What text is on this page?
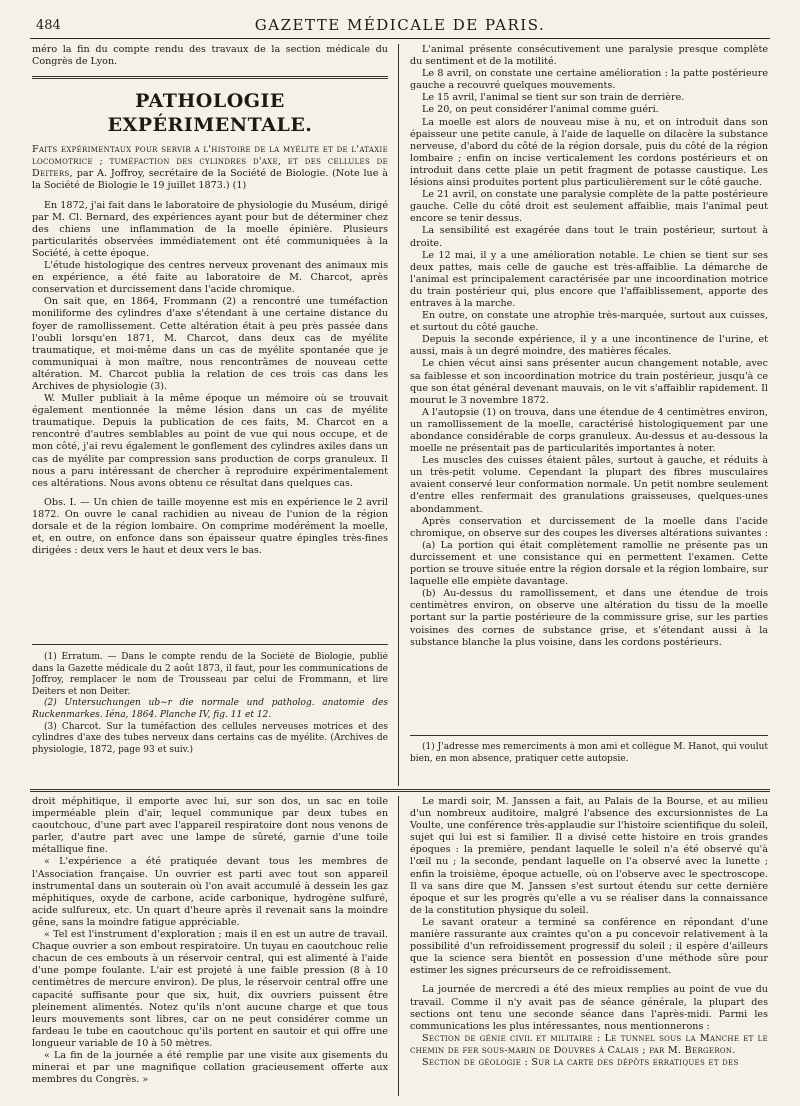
484	GAZETTE MÉDICALE DE PARIS.

méro la fin du compte rendu des travaux de la section médicale du Congrès de Lyon.

PATHOLOGIE EXPÉRIMENTALE.

Faits expérimentaux pour servir a l'histoire de la myélite et de l'ataxie locomotrice ; tuméfaction des cylindres d'axe, et des cellules de Deiters, par A. Joffroy, secrétaire de la Société de Biologie. (Note lue à la Société de Biologie le 19 juillet 1873.) (1)

En 1872, j'ai fait dans le laboratoire de physiologie du Muséum, dirigé par M. Cl. Bernard, des expériences ayant pour but de déterminer chez des chiens une inflammation de la moelle épinière. Plusieurs particularités observées immédiatement ont été communiquées à la Société, à cette époque.

L'étude histologique des centres nerveux provenant des animaux mis en expérience, a été faite au laboratoire de M. Charcot, après conservation et durcissement dans l'acide chromique.

On sait que, en 1864, Frommann (2) a rencontré une tuméfaction moniliforme des cylindres d'axe s'étendant à une certaine distance du foyer de ramollissement. Cette altération était à peu près passée dans l'oubli lorsqu'en 1871, M. Charcot, dans deux cas de myélite traumatique, et moi-même dans un cas de myélite spontanée que je communiquai à mon maître, nous rencontrâmes de nouveau cette altération. M. Charcot publia la relation de ces trois cas dans les Archives de physiologie (3).

W. Muller publiait à la même époque un mémoire où se trouvait également mentionnée la même lésion dans un cas de myélite traumatique. Depuis la publication de ces faits, M. Charcot en a rencontré d'autres semblables au point de vue qui nous occupe, et de mon côté, j'ai revu également le gonflement des cylindres axiles dans un cas de myélite par compression sans production de corps granuleux. Il nous a paru intéressant de chercher à reproduire expérimentalement ces altérations. Nous avons obtenu ce résultat dans quelques cas.

Obs. I. — Un chien de taille moyenne est mis en expérience le 2 avril 1872. On ouvre le canal rachidien au niveau de l'union de la région dorsale et de la région lombaire. On comprime modérément la moelle, et, en outre, on enfonce dans son épaisseur quatre épingles très-fines dirigées : deux vers le haut et deux vers le bas.

(1) Erratum. — Dans le compte rendu de la Société de Biologie, publié dans la Gazette médicale du 2 août 1873, il faut, pour les communications de Joffroy, remplacer le nom de Trousseau par celui de Frommann, et lire Deiters et non Deiter.

(2) Untersuchungen ub~r die normale und patholog. anatomie des Ruckenmarkes. Iéna, 1864. Planche IV, fig. 11 et 12.

(3) Charcot. Sur la tuméfaction des cellules nerveuses motrices et des cylindres d'axe des tubes nerveux dans certains cas de myélite. (Archives de physiologie, 1872, page 93 et suiv.)

L'animal présente consécutivement une paralysie presque complète du sentiment et de la motilité.

Le 8 avril, on constate une certaine amélioration : la patte postérieure gauche a recouvré quelques mouvements.

Le 15 avril, l'animal se tient sur son train de derrière.

Le 20, on peut considérer l'animal comme guéri.

La moelle est alors de nouveau mise à nu, et on introduit dans son épaisseur une petite canule, à l'aide de laquelle on dilacère la substance nerveuse, d'abord du côté de la région dorsale, puis du côté de la région lombaire ; enfin on incise verticalement les cordons postérieurs et on introduit dans cette plaie un petit fragment de potasse caustique. Les lésions ainsi produites portent plus particulièrement sur le côté gauche.

Le 21 avril, on constate une paralysie complète de la patte postérieure gauche. Celle du côté droit est seulement affaiblie, mais l'animal peut encore se tenir dessus.

La sensibilité est exagérée dans tout le train postérieur, surtout à droite.

Le 12 mai, il y a une amélioration notable. Le chien se tient sur ses deux pattes, mais celle de gauche est très-affaiblie. La démarche de l'animal est principalement caractérisée par une incoordination motrice du train postérieur qui, plus encore que l'affaiblissement, apporte des entraves à la marche.

En outre, on constate une atrophie très-marquée, surtout aux cuisses, et surtout du côté gauche.

Depuis la seconde expérience, il y a une incontinence de l'urine, et aussi, mais à un degré moindre, des matières fécales.

Le chien vécut ainsi sans présenter aucun changement notable, avec sa faiblesse et son incoordination motrice du train postérieur, jusqu'à ce que son état général devenant mauvais, on le vit s'affaiblir rapidement. Il mourut le 3 novembre 1872.

A l'autopsie (1) on trouva, dans une étendue de 4 centimètres environ, un ramollissement de la moelle, caractérisé histologiquement par une abondance considérable de corps granuleux. Au-dessus et au-dessous la moelle ne présentait pas de particularités importantes à noter.

Les muscles des cuisses étaient pâles, surtout à gauche, et réduits à un très-petit volume. Cependant la plupart des fibres musculaires avaient conservé leur conformation normale. Un petit nombre seulement d'entre elles renfermait des granulations graisseuses, quelques-unes abondamment.

Après conservation et durcissement de la moelle dans l'acide chromique, on observe sur des coupes les diverses altérations suivantes :

(a) La portion qui était complètement ramollie ne présente pas un durcissement et une consistance qui en permettent l'examen. Cette portion se trouve située entre la région dorsale et la région lombaire, sur laquelle elle empiète davantage.

(b) Au-dessus du ramollissement, et dans une étendue de trois centimètres environ, on observe une altération du tissu de la moelle portant sur la partie postérieure de la commissure grise, sur les parties voisines des cornes de substance grise, et s'étendant aussi à la substance blanche la plus voisine, dans les cordons postérieurs.

(1) J'adresse mes remerciments à mon ami et collègue M. Hanot, qui voulut bien, en mon absence, pratiquer cette autopsie.

droit méphitique, il emporte avec lui, sur son dos, un sac en toile imperméable plein d'air, lequel communique par deux tubes en caoutchouc, d'une part avec l'appareil respiratoire dont nous venons de parler, d'autre part avec une lampe de sûreté, garnie d'une toile métallique fine.

« L'expérience a été pratiquée devant tous les membres de l'Association française. Un ouvrier est parti avec tout son appareil instrumental dans un souterain où l'on avait accumulé à dessein les gaz méphitiques, oxyde de carbone, acide carbonique, hydrogène sulfuré, acide sulfureux, etc. Un quart d'heure après il revenait sans la moindre gêne, sans la moindre fatigue appréciable.

« Tel est l'instrument d'exploration ; mais il en est un autre de travail. Chaque ouvrier a son embout respiratoire. Un tuyau en caoutchouc relie chacun de ces embouts à un réservoir central, qui est alimenté à l'aide d'une pompe foulante. L'air est projeté à une faible pression (8 à 10 centimètres de mercure environ). De plus, le réservoir central offre une capacité suffisante pour que six, huit, dix ouvriers puissent être pleinement alimentés. Notez qu'ils n'ont aucune charge et que tous leurs mouvements sont libres, car on ne peut considérer comme un fardeau le tube en caoutchouc qu'ils portent en sautoir et qui offre une longueur variable de 10 à 50 mètres.

« La fin de la journée a été remplie par une visite aux gisements du minerai et par une magnifique collation gracieusement offerte aux membres du Congrès. »

Le mardi soir, M. Janssen a fait, au Palais de la Bourse, et au milieu d'un nombreux auditoire, malgré l'absence des excursionnistes de La Voulte, une conférence très-applaudie sur l'histoire scientifique du soleil, sujet qui lui est si familier. Il a divisé cette histoire en trois grandes époques : la première, pendant laquelle le soleil n'a été observé qu'à l'œil nu ; la seconde, pendant laquelle on l'a observé avec la lunette ; enfin la troisième, époque actuelle, où on l'observe avec le spectroscope. Il va sans dire que M. Janssen s'est surtout étendu sur cette dernière époque et sur les progrès qu'elle a vu se réaliser dans la connaissance de la constitution physique du soleil.

Le savant orateur a terminé sa conférence en répondant d'une manière rassurante aux craintes qu'on a pu concevoir relativement à la possibilité d'un refroidissement progressif du soleil ; il espère d'ailleurs que la science sera bientôt en possession d'une méthode sûre pour estimer les signes précurseurs de ce refroidissement.

La journée de mercredi a été des mieux remplies au point de vue du travail. Comme il n'y avait pas de séance générale, la plupart des sections ont tenu une seconde séance dans l'après-midi. Parmi les communications les plus intéressantes, nous mentionnerons :

Section de génie civil et militaire : Le tunnel sous la Manche et le chemin de fer sous-marin de Douvres à Calais ; par M. Bergeron.

Section de géologie : Sur la carte des dépôts erratiques et des
